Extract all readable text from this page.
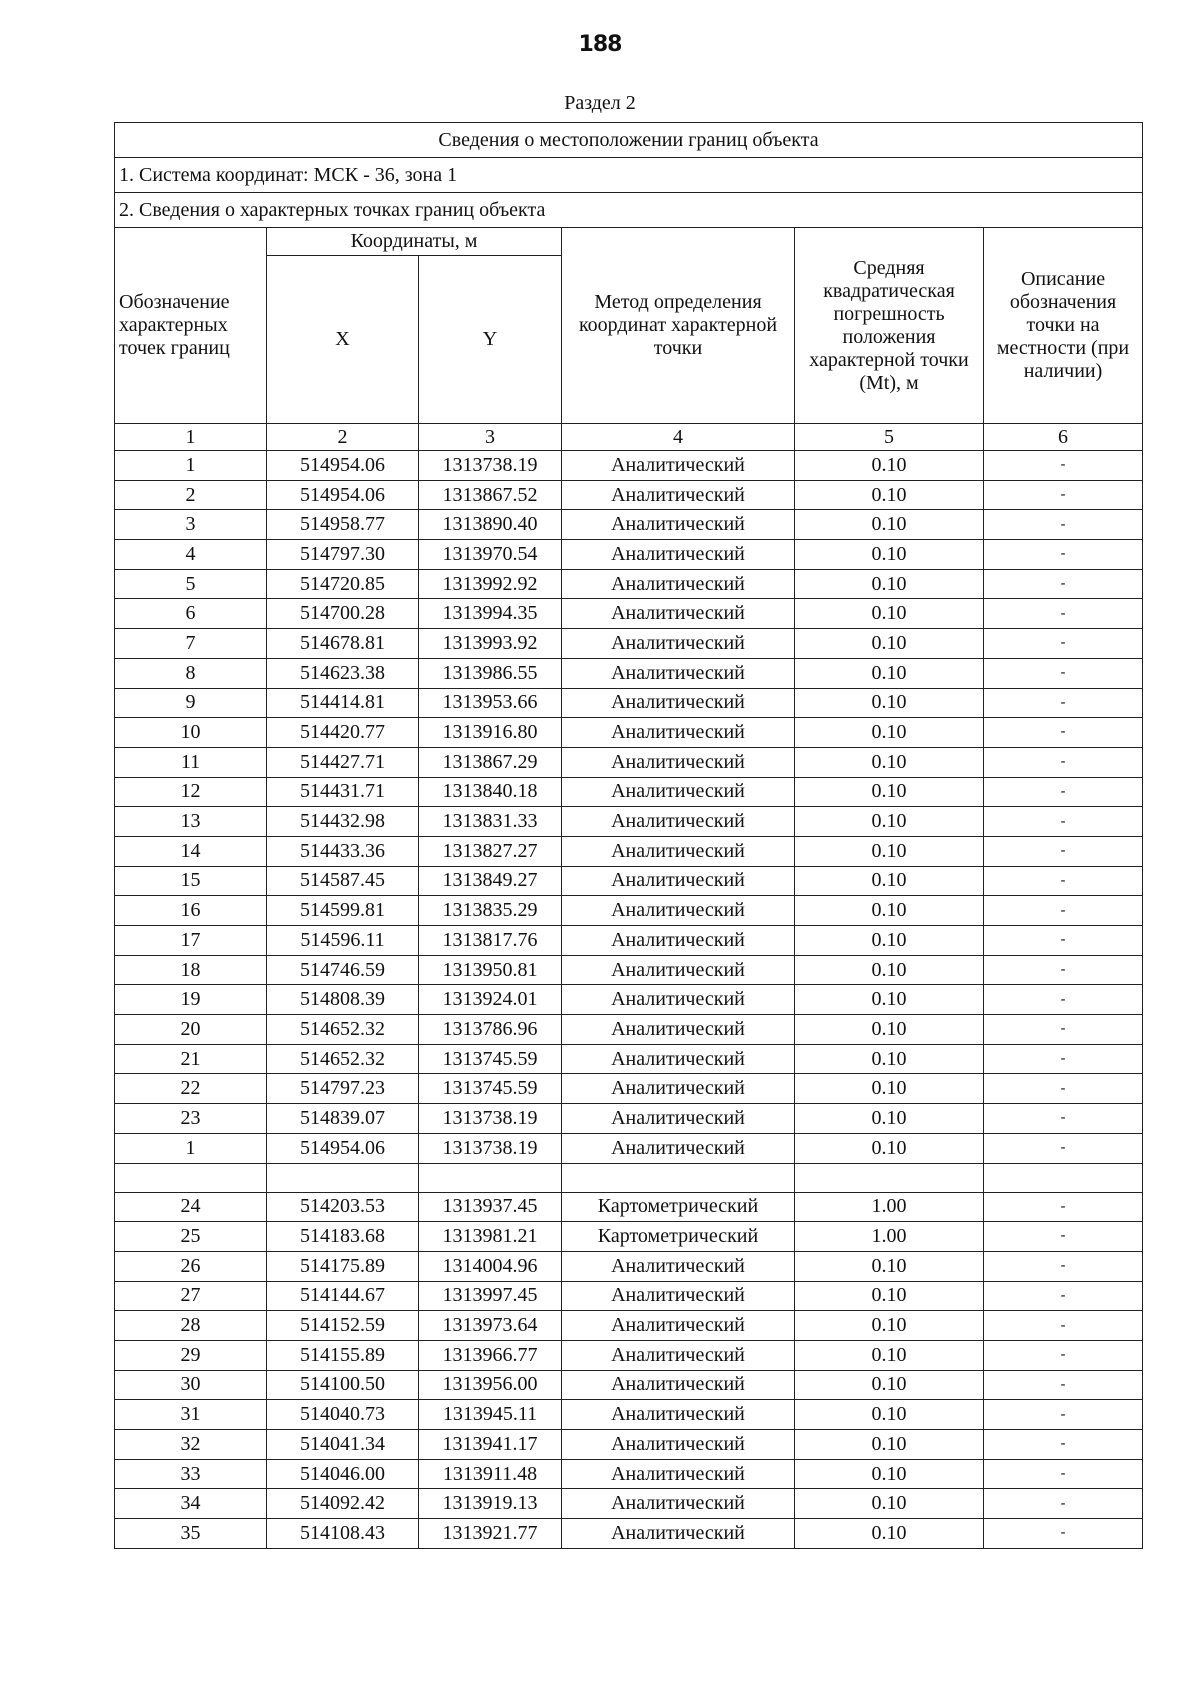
188
Раздел 2
Сведения о местоположении границ объекта					
1. Система координат: МСК - 36, зона 1					
2. Сведения о характерных точках границ объекта					
Обозначение характерных точек границ	Координаты, м		Метод определения координат характерной точки	Средняя квадратическая погрешность положения характерной точки (Mt), м	Описание обозначения точки на местности (при наличии)
	X	Y			
1	2	3	4	5	6
1	514954.06	1313738.19	Аналитический	0.10	-
2	514954.06	1313867.52	Аналитический	0.10	-
3	514958.77	1313890.40	Аналитический	0.10	-
4	514797.30	1313970.54	Аналитический	0.10	-
5	514720.85	1313992.92	Аналитический	0.10	-
6	514700.28	1313994.35	Аналитический	0.10	-
7	514678.81	1313993.92	Аналитический	0.10	-
8	514623.38	1313986.55	Аналитический	0.10	-
9	514414.81	1313953.66	Аналитический	0.10	-
10	514420.77	1313916.80	Аналитический	0.10	-
11	514427.71	1313867.29	Аналитический	0.10	-
12	514431.71	1313840.18	Аналитический	0.10	-
13	514432.98	1313831.33	Аналитический	0.10	-
14	514433.36	1313827.27	Аналитический	0.10	-
15	514587.45	1313849.27	Аналитический	0.10	-
16	514599.81	1313835.29	Аналитический	0.10	-
17	514596.11	1313817.76	Аналитический	0.10	-
18	514746.59	1313950.81	Аналитический	0.10	-
19	514808.39	1313924.01	Аналитический	0.10	-
20	514652.32	1313786.96	Аналитический	0.10	-
21	514652.32	1313745.59	Аналитический	0.10	-
22	514797.23	1313745.59	Аналитический	0.10	-
23	514839.07	1313738.19	Аналитический	0.10	-
1	514954.06	1313738.19	Аналитический	0.10	-

24	514203.53	1313937.45	Картометрический	1.00	-
25	514183.68	1313981.21	Картометрический	1.00	-
26	514175.89	1314004.96	Аналитический	0.10	-
27	514144.67	1313997.45	Аналитический	0.10	-
28	514152.59	1313973.64	Аналитический	0.10	-
29	514155.89	1313966.77	Аналитический	0.10	-
30	514100.50	1313956.00	Аналитический	0.10	-
31	514040.73	1313945.11	Аналитический	0.10	-
32	514041.34	1313941.17	Аналитический	0.10	-
33	514046.00	1313911.48	Аналитический	0.10	-
34	514092.42	1313919.13	Аналитический	0.10	-
35	514108.43	1313921.77	Аналитический	0.10	-
